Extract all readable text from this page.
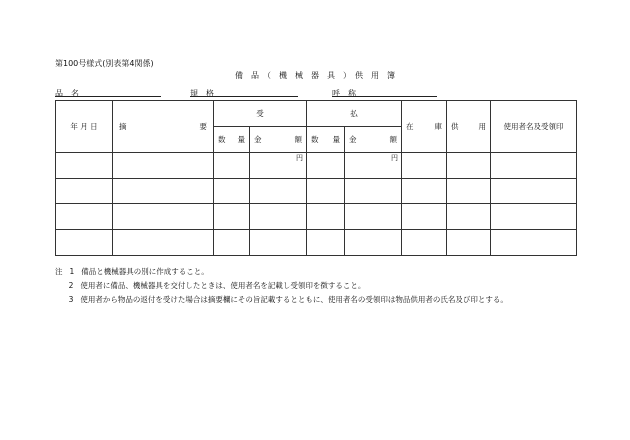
第100号様式(別表第4関係)
備　品　（　機　械　器　具　）　供　用　簿
品　名	規　格	呼　称
年 月 日	摘 要	受		払		在 庫	供 用	使用者名及受領印

		数 量	金 額	数 量	金 額			

			円		円			

注 1 備品と機械器具の別に作成すること。
2 使用者に備品、機械器具を交付したときは、使用者名を記載し受領印を徴すること。
3 使用者から物品の返付を受けた場合は摘要欄にその旨記載するとともに、使用者名の受領印は物品供用者の氏名及び印とする。
